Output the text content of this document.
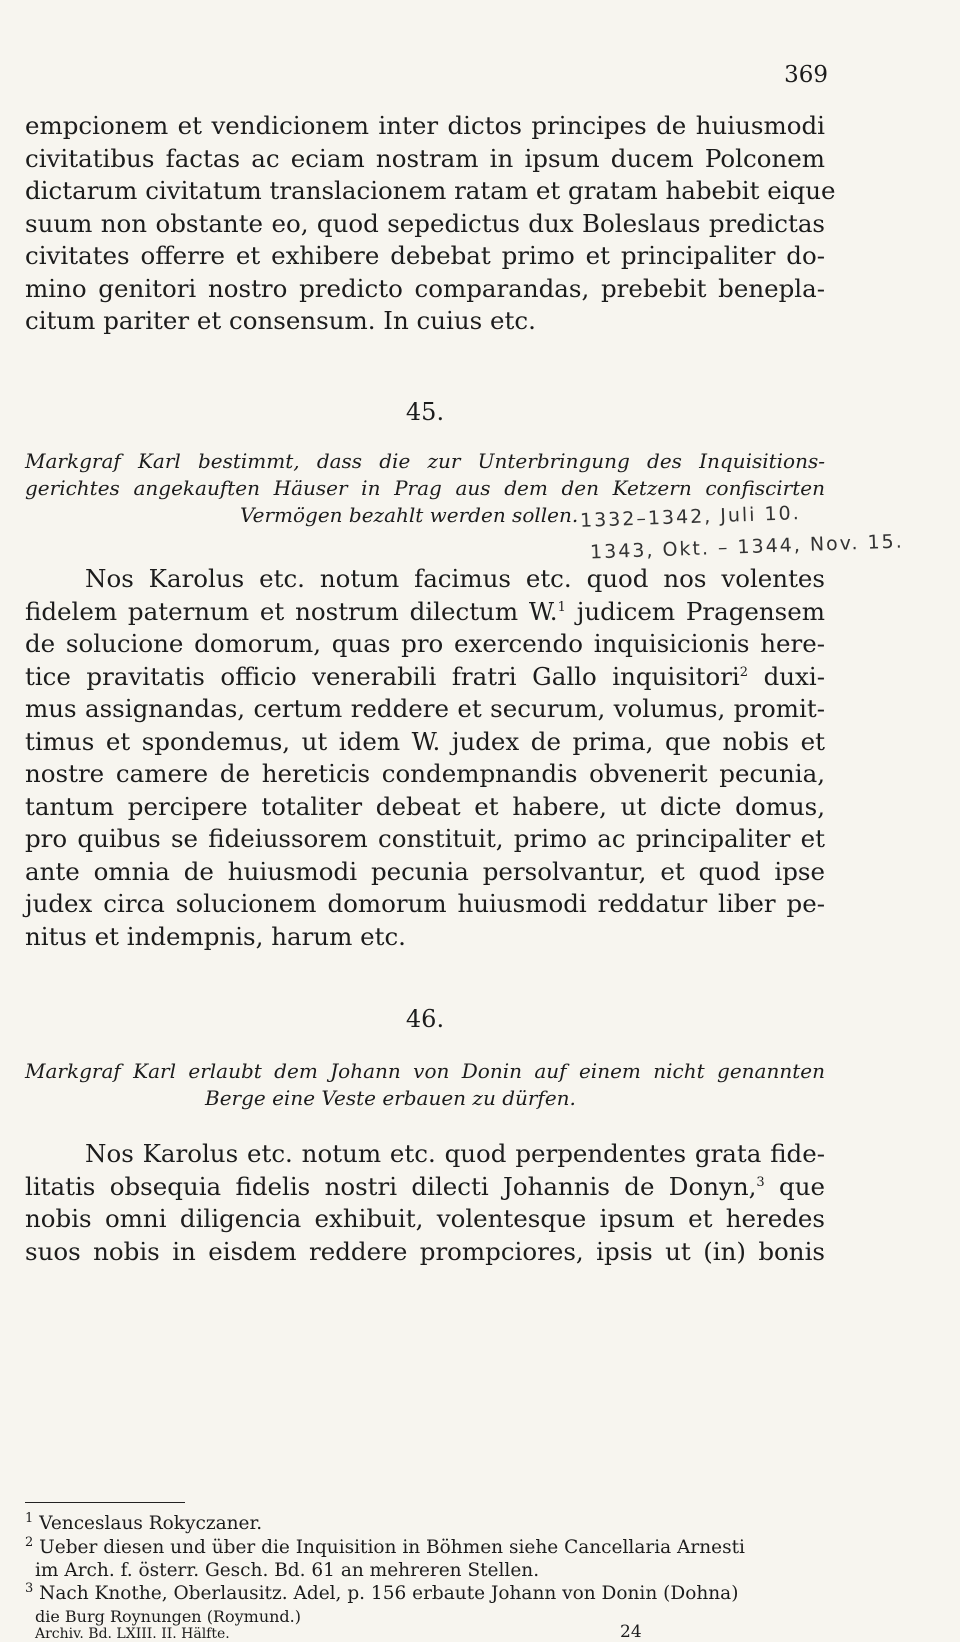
369
empcionem et vendicionem inter dictos principes de huiusmodi
civitatibus factas ac eciam nostram in ipsum ducem Polconem
dictarum civitatum translacionem ratam et gratam habebit eique
suum non obstante eo, quod sepedictus dux Boleslaus predictas
civitates offerre et exhibere debebat primo et principaliter do-
mino genitori nostro predicto comparandas, prebebit benepla-
citum pariter et consensum. In cuius etc.
45.
Markgraf Karl bestimmt, dass die zur Unterbringung des Inquisitions-
gerichtes angekauften Häuser in Prag aus dem den Ketzern confiscirten
Vermögen bezahlt werden sollen. 1332–1342, Juli 10.
1343, Okt. – 1344, Nov. 15.
Nos Karolus etc. notum facimus etc. quod nos volentes
fidelem paternum et nostrum dilectum W.$^1$ judicem Pragensem
de solucione domorum, quas pro exercendo inquisicionis here-
tice pravitatis officio venerabili fratri Gallo inquisitori$^2$ duxi-
mus assignandas, certum reddere et securum, volumus, promit-
timus et spondemus, ut idem W. judex de prima, que nobis et
nostre camere de hereticis condempnandis obvenerit pecunia,
tantum percipere totaliter debeat et habere, ut dicte domus,
pro quibus se fideiussorem constituit, primo ac principaliter et
ante omnia de huiusmodi pecunia persolvantur, et quod ipse
judex circa solucionem domorum huiusmodi reddatur liber pe-
nitus et indempnis, harum etc.
46.
Markgraf Karl erlaubt dem Johann von Donin auf einem nicht genannten
Berge eine Veste erbauen zu dürfen.
Nos Karolus etc. notum etc. quod perpendentes grata fide-
litatis obsequia fidelis nostri dilecti Johannis de Donyn,$^3$ que
nobis omni diligencia exhibuit, volentesque ipsum et heredes
suos nobis in eisdem reddere prompciores, ipsis ut (in) bonis
$^1$ Venceslaus Rokyczaner.
$^2$ Ueber diesen und über die Inquisition in Böhmen siehe Cancellaria Arnesti
im Arch. f. österr. Gesch. Bd. 61 an mehreren Stellen.
$^3$ Nach Knothe, Oberlausitz. Adel, p. 156 erbaute Johann von Donin (Dohna)
die Burg Roynungen (Roymund.)
Archiv. Bd. LXIII. II. Hälfte.	24
